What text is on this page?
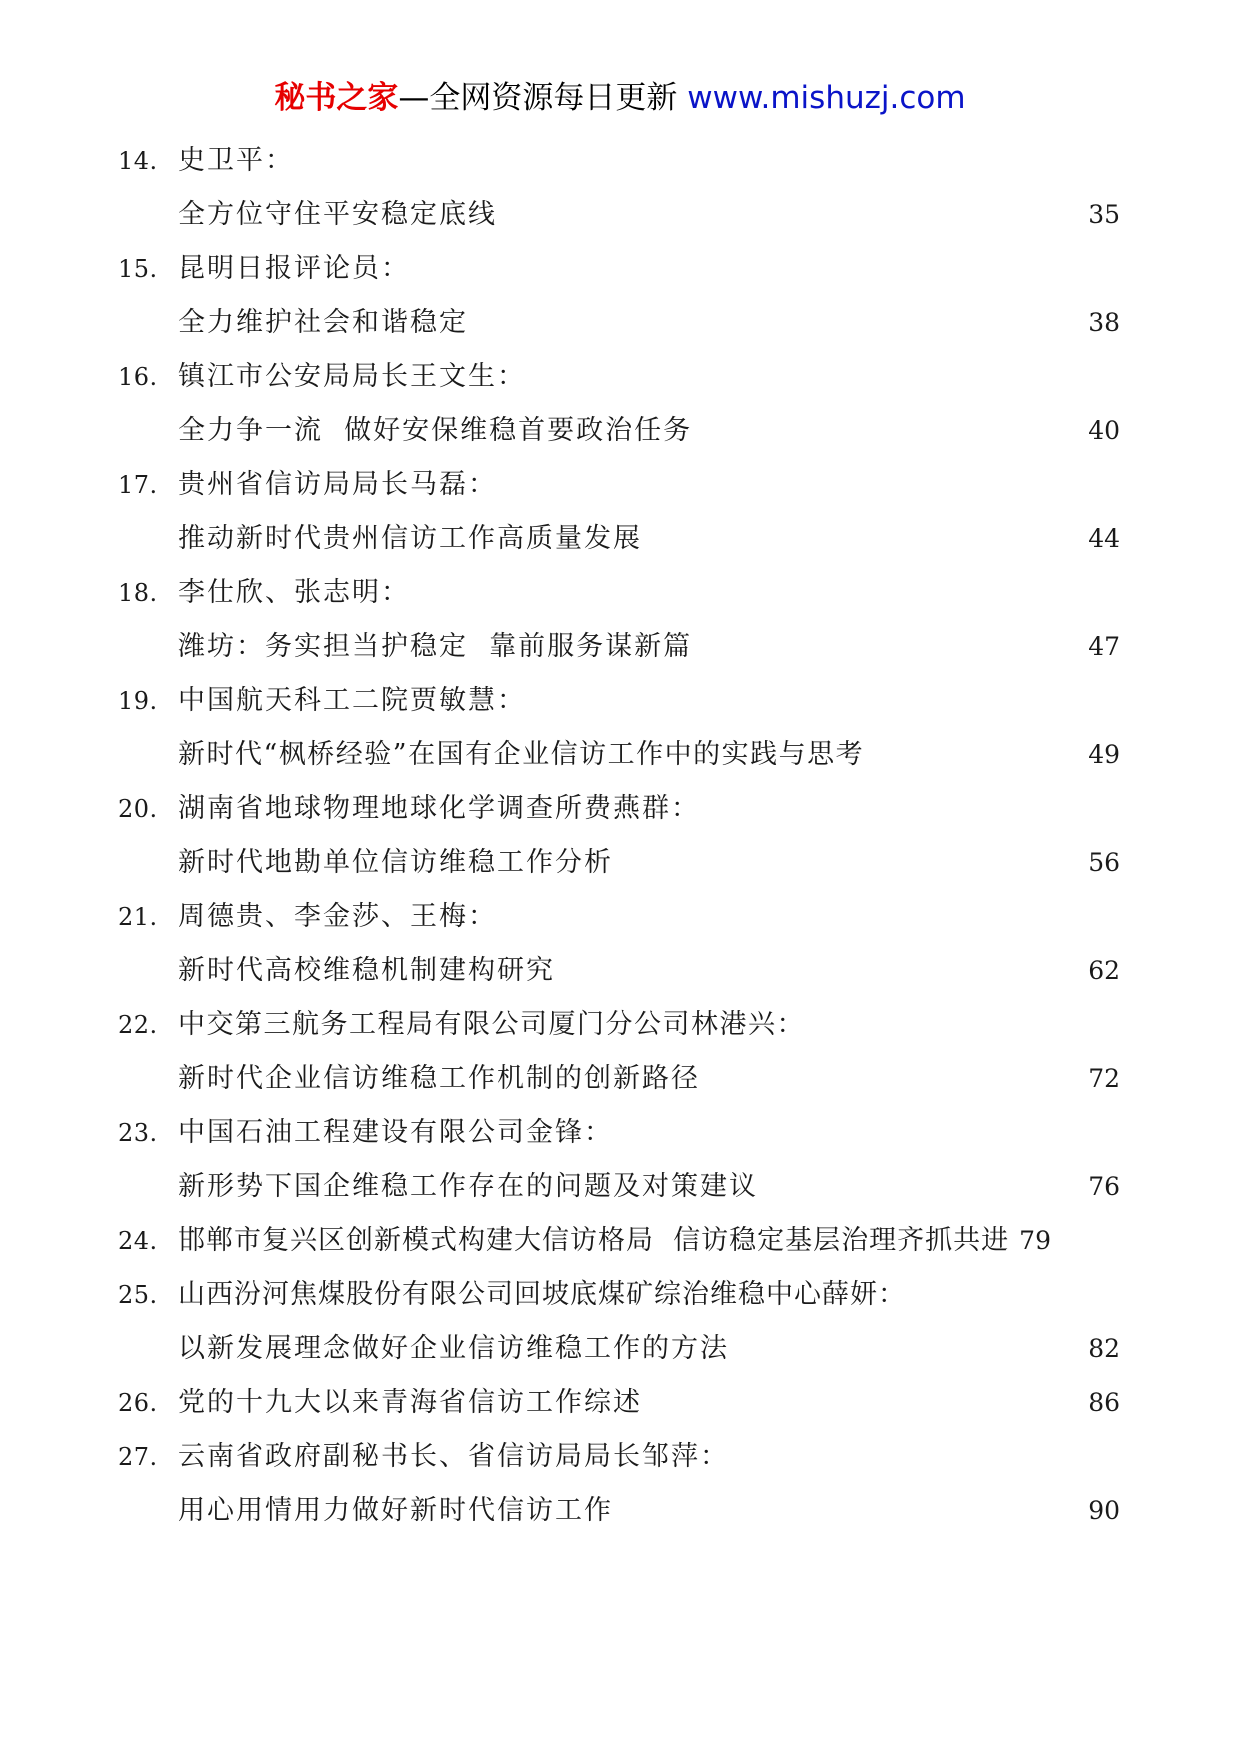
秘书之家—全网资源每日更新 www.mishuzj.com
14. 史卫平：
全方位守住平安稳定底线	35
15. 昆明日报评论员：
全力维护社会和谐稳定	38
16. 镇江市公安局局长王文生：
全力争一流  做好安保维稳首要政治任务	40
17. 贵州省信访局局长马磊：
推动新时代贵州信访工作高质量发展	44
18. 李仕欣、张志明：
潍坊：务实担当护稳定  靠前服务谋新篇	47
19. 中国航天科工二院贾敏慧：
新时代“枫桥经验”在国有企业信访工作中的实践与思考	49
20. 湖南省地球物理地球化学调查所费燕群：
新时代地勘单位信访维稳工作分析	56
21. 周德贵、李金莎、王梅：
新时代高校维稳机制建构研究	62
22. 中交第三航务工程局有限公司厦门分公司林港兴：
新时代企业信访维稳工作机制的创新路径	72
23. 中国石油工程建设有限公司金锋：
新形势下国企维稳工作存在的问题及对策建议	76
24. 邯郸市复兴区创新模式构建大信访格局  信访稳定基层治理齐抓共进 79
25. 山西汾河焦煤股份有限公司回坡底煤矿综治维稳中心薛妍：
以新发展理念做好企业信访维稳工作的方法	82
26. 党的十九大以来青海省信访工作综述	86
27. 云南省政府副秘书长、省信访局局长邹萍：
用心用情用力做好新时代信访工作	90
